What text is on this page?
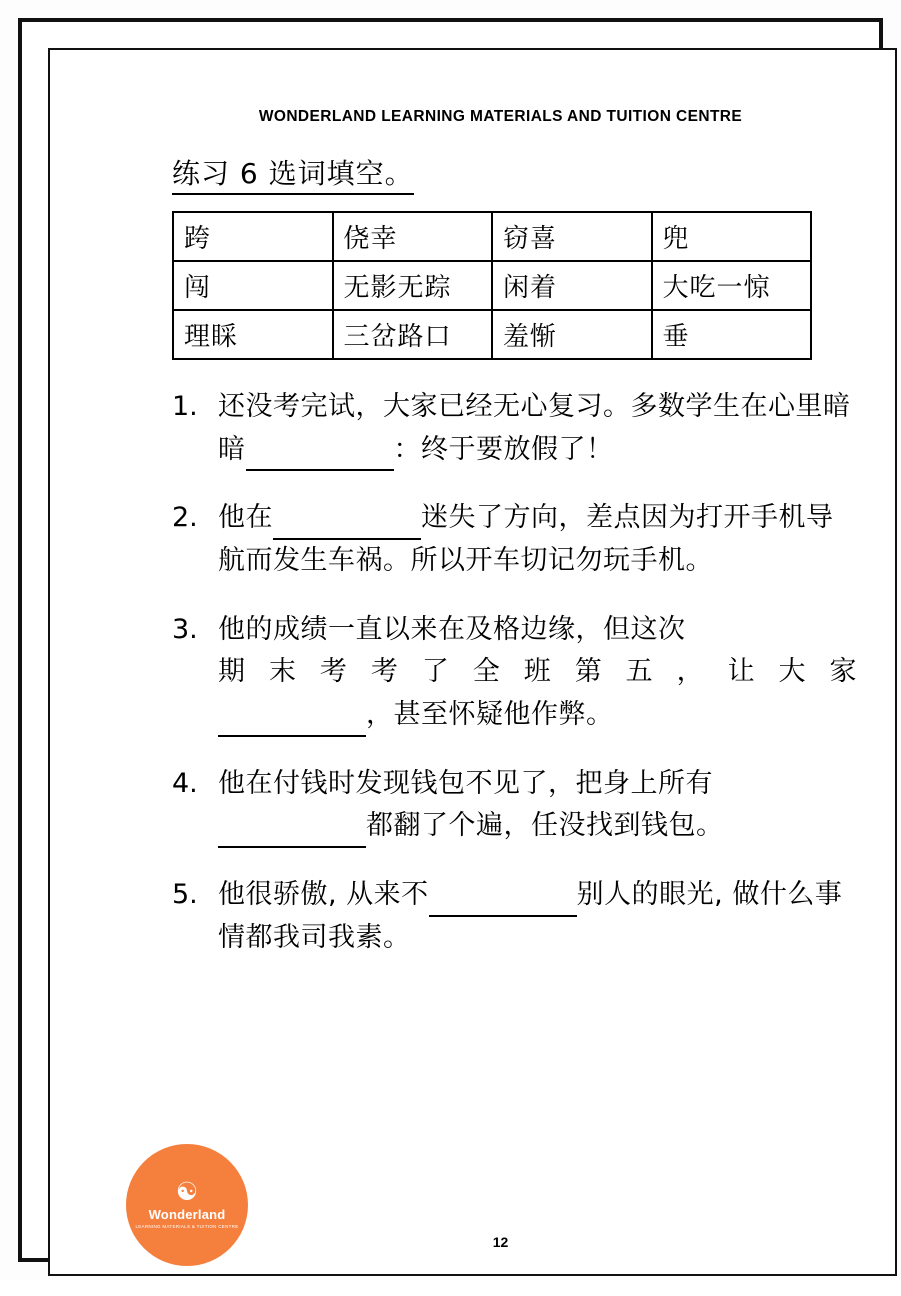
WONDERLAND LEARNING MATERIALS AND TUITION CENTRE
练习 6 选词填空。
跨	侥幸	窃喜	兜
闯	无影无踪	闲着	大吃一惊
理睬	三岔路口	羞惭	垂
1. 还没考完试，大家已经无心复习。多数学生在心里暗暗	：终于要放假了！
2. 他在	迷失了方向，差点因为打开手机导航而发生车祸。所以开车切记勿玩手机。
3. 他的成绩一直以来在及格边缘，但这次
期末考考了全班第五，让大家
，甚至怀疑他作弊。
4. 他在付钱时发现钱包不见了，把身上所有都翻了个遍，任没找到钱包。
5. 他很骄傲, 从来不	别人的眼光, 做什么事情都我司我素。
12
☯
Wonderland
LEARNING MATERIALS & TUITION CENTRE
